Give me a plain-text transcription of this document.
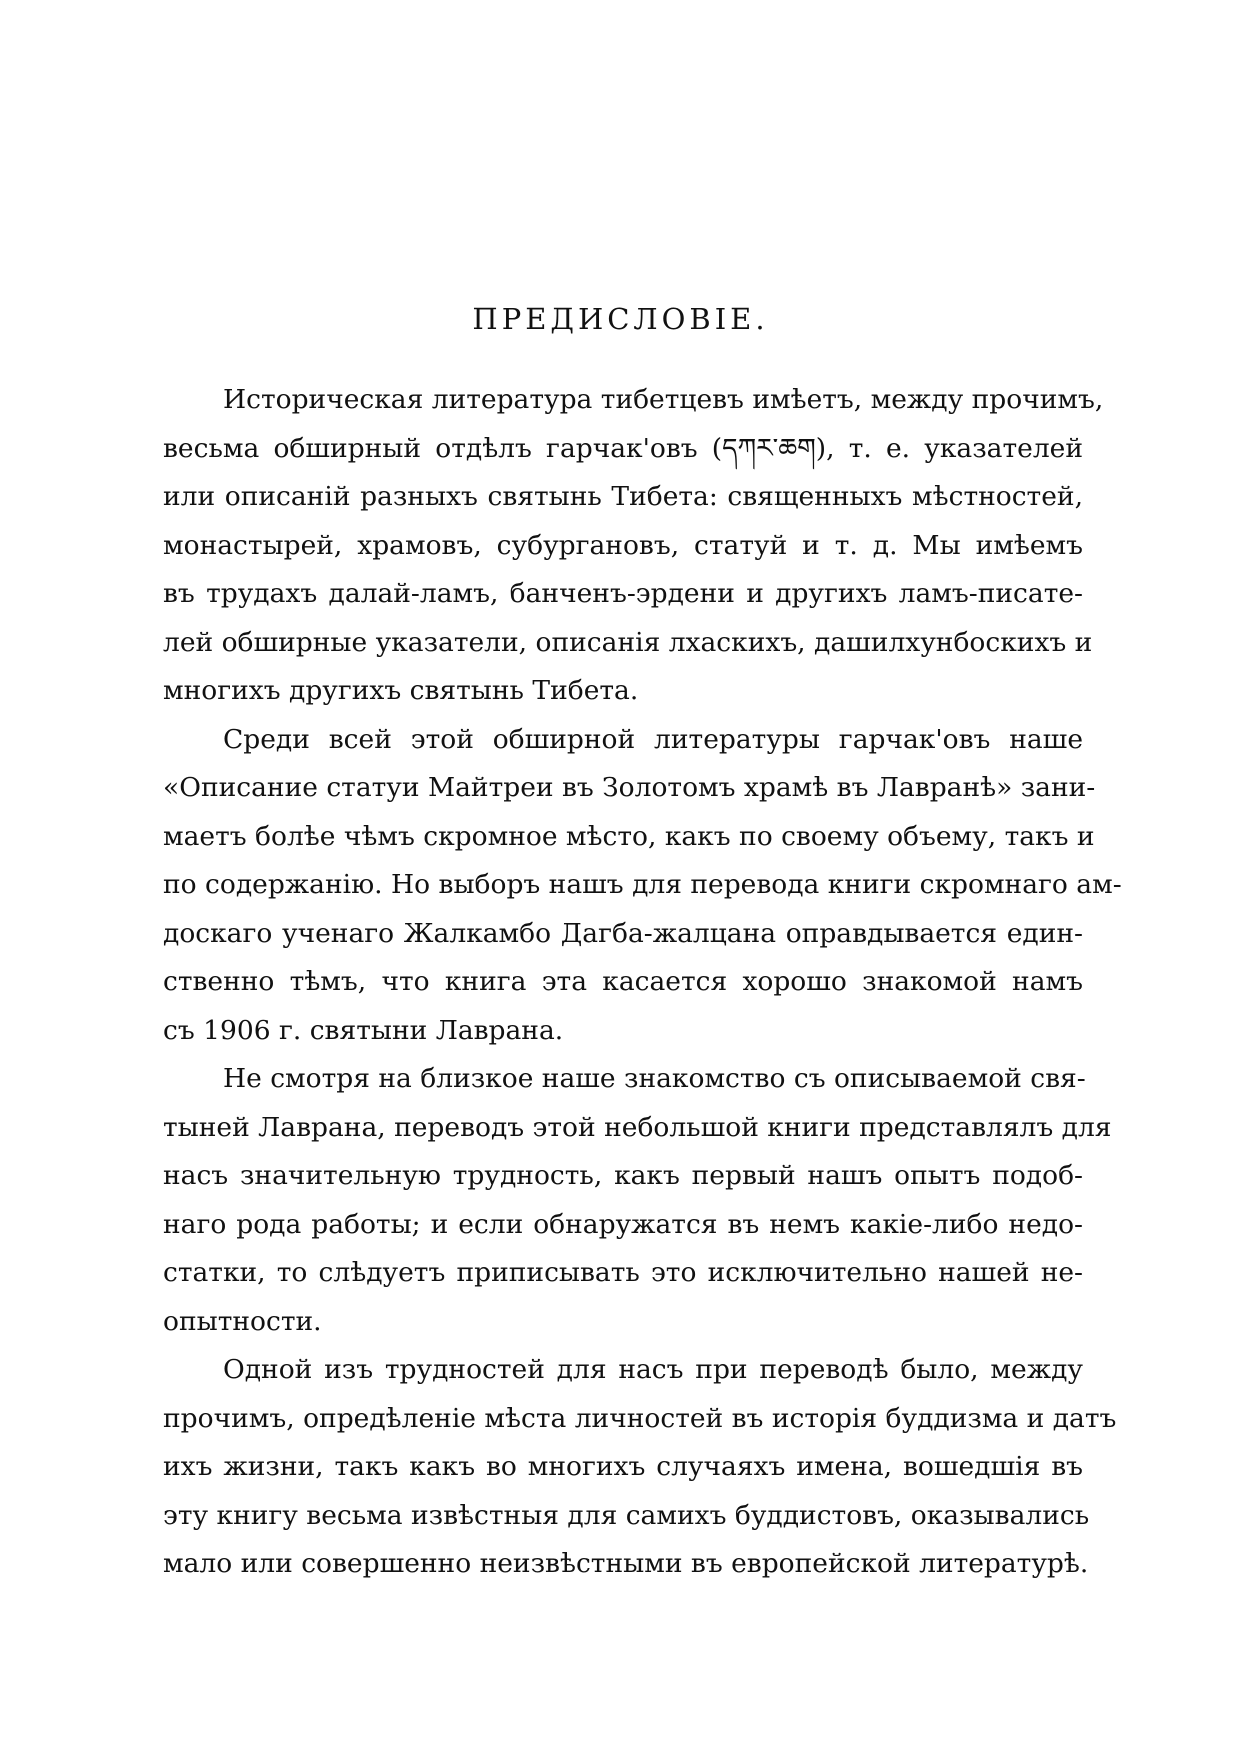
ПРЕДИСЛОВІЕ.
Историческая литература тибетцевъ имѣетъ, между прочимъ,
весьма обширный отдѣлъ гарчак'овъ (དཀར་ཆག), т. е. указателей
или описаній разныхъ святынь Тибета: священныхъ мѣстностей,
монастырей, храмовъ, субургановъ, статуй и т. д. Мы имѣемъ
въ трудахъ далай-ламъ, банченъ-эрдени и другихъ ламъ-писате-
лей обширные указатели, описанія лхаскихъ, дашилхунбоскихъ и
многихъ другихъ святынь Тибета.
Среди всей этой обширной литературы гарчак'овъ наше
«Описание статуи Майтреи въ Золотомъ храмѣ въ Лавранѣ» зани-
маетъ болѣе чѣмъ скромное мѣсто, какъ по своему объему, такъ и
по содержанію. Но выборъ нашъ для перевода книги скромнаго ам-
доскаго ученаго Жалкамбо Дагба-жалцана оправдывается един-
ственно тѣмъ, что книга эта касается хорошо знакомой намъ
съ 1906 г. святыни Лаврана.
Не смотря на близкое наше знакомство съ описываемой свя-
тыней Лаврана, переводъ этой небольшой книги представлялъ для
насъ значительную трудность, какъ первый нашъ опытъ подоб-
наго рода работы; и если обнаружатся въ немъ какіе-либо недо-
статки, то слѣдуетъ приписывать это исключительно нашей не-
опытности.
Одной изъ трудностей для насъ при переводѣ было, между
прочимъ, опредѣленіе мѣста личностей въ исторія буддизма и датъ
ихъ жизни, такъ какъ во многихъ случаяхъ имена, вошедшія въ
эту книгу весьма извѣстныя для самихъ буддистовъ, оказывались
мало или совершенно неизвѣстными въ европейской литературѣ.
